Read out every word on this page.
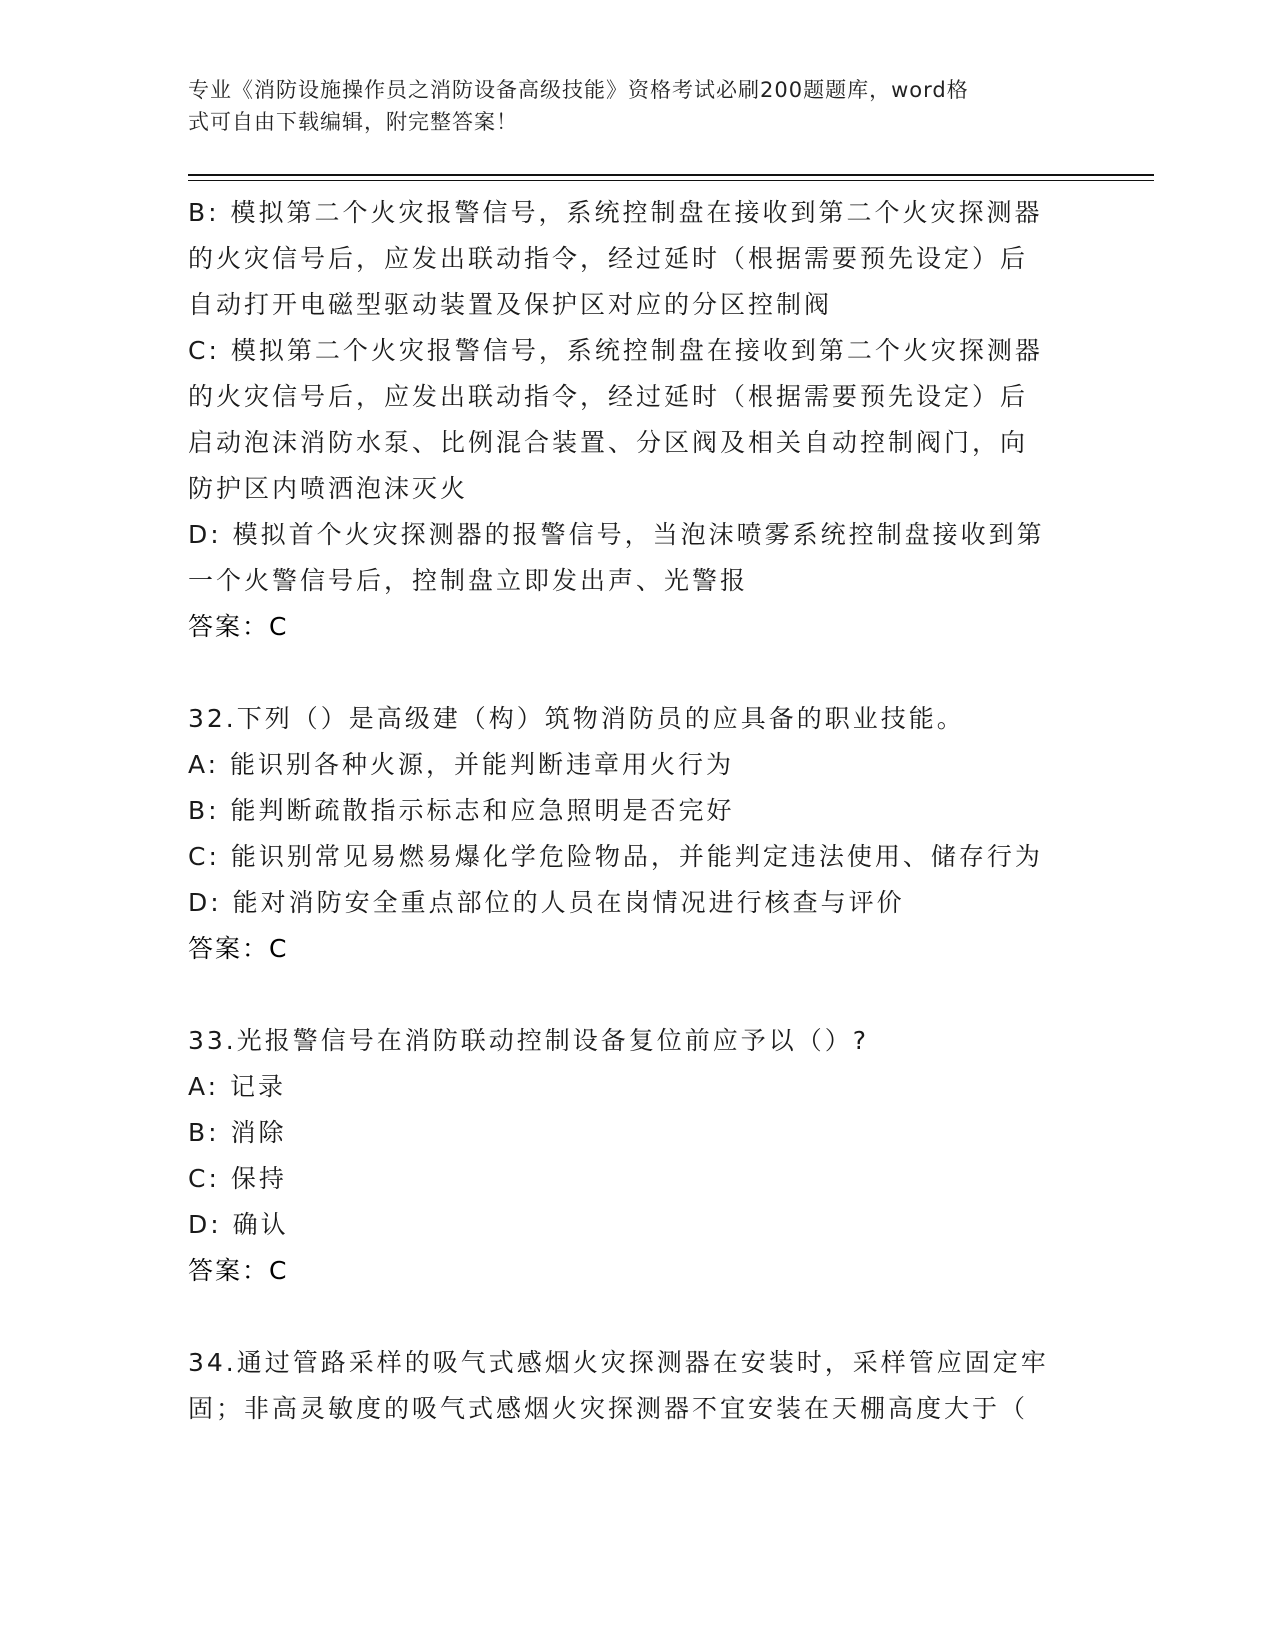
专业《消防设施操作员之消防设备高级技能》资格考试必刷200题题库，word格
式可自由下载编辑，附完整答案！
B: 模拟第二个火灾报警信号，系统控制盘在接收到第二个火灾探测器
的火灾信号后，应发出联动指令，经过延时（根据需要预先设定）后
自动打开电磁型驱动装置及保护区对应的分区控制阀
C: 模拟第二个火灾报警信号，系统控制盘在接收到第二个火灾探测器
的火灾信号后，应发出联动指令，经过延时（根据需要预先设定）后
启动泡沫消防水泵、比例混合装置、分区阀及相关自动控制阀门，向
防护区内喷洒泡沫灭火
D: 模拟首个火灾探测器的报警信号，当泡沫喷雾系统控制盘接收到第
一个火警信号后，控制盘立即发出声、光警报
答案：C
32.下列（）是高级建（构）筑物消防员的应具备的职业技能。
A: 能识别各种火源，并能判断违章用火行为
B: 能判断疏散指示标志和应急照明是否完好
C: 能识别常见易燃易爆化学危险物品，并能判定违法使用、储存行为
D: 能对消防安全重点部位的人员在岗情况进行核查与评价
答案：C
33.光报警信号在消防联动控制设备复位前应予以（）?
A: 记录
B: 消除
C: 保持
D: 确认
答案：C
34.通过管路采样的吸气式感烟火灾探测器在安装时，采样管应固定牢
固；非高灵敏度的吸气式感烟火灾探测器不宜安装在天棚高度大于（
